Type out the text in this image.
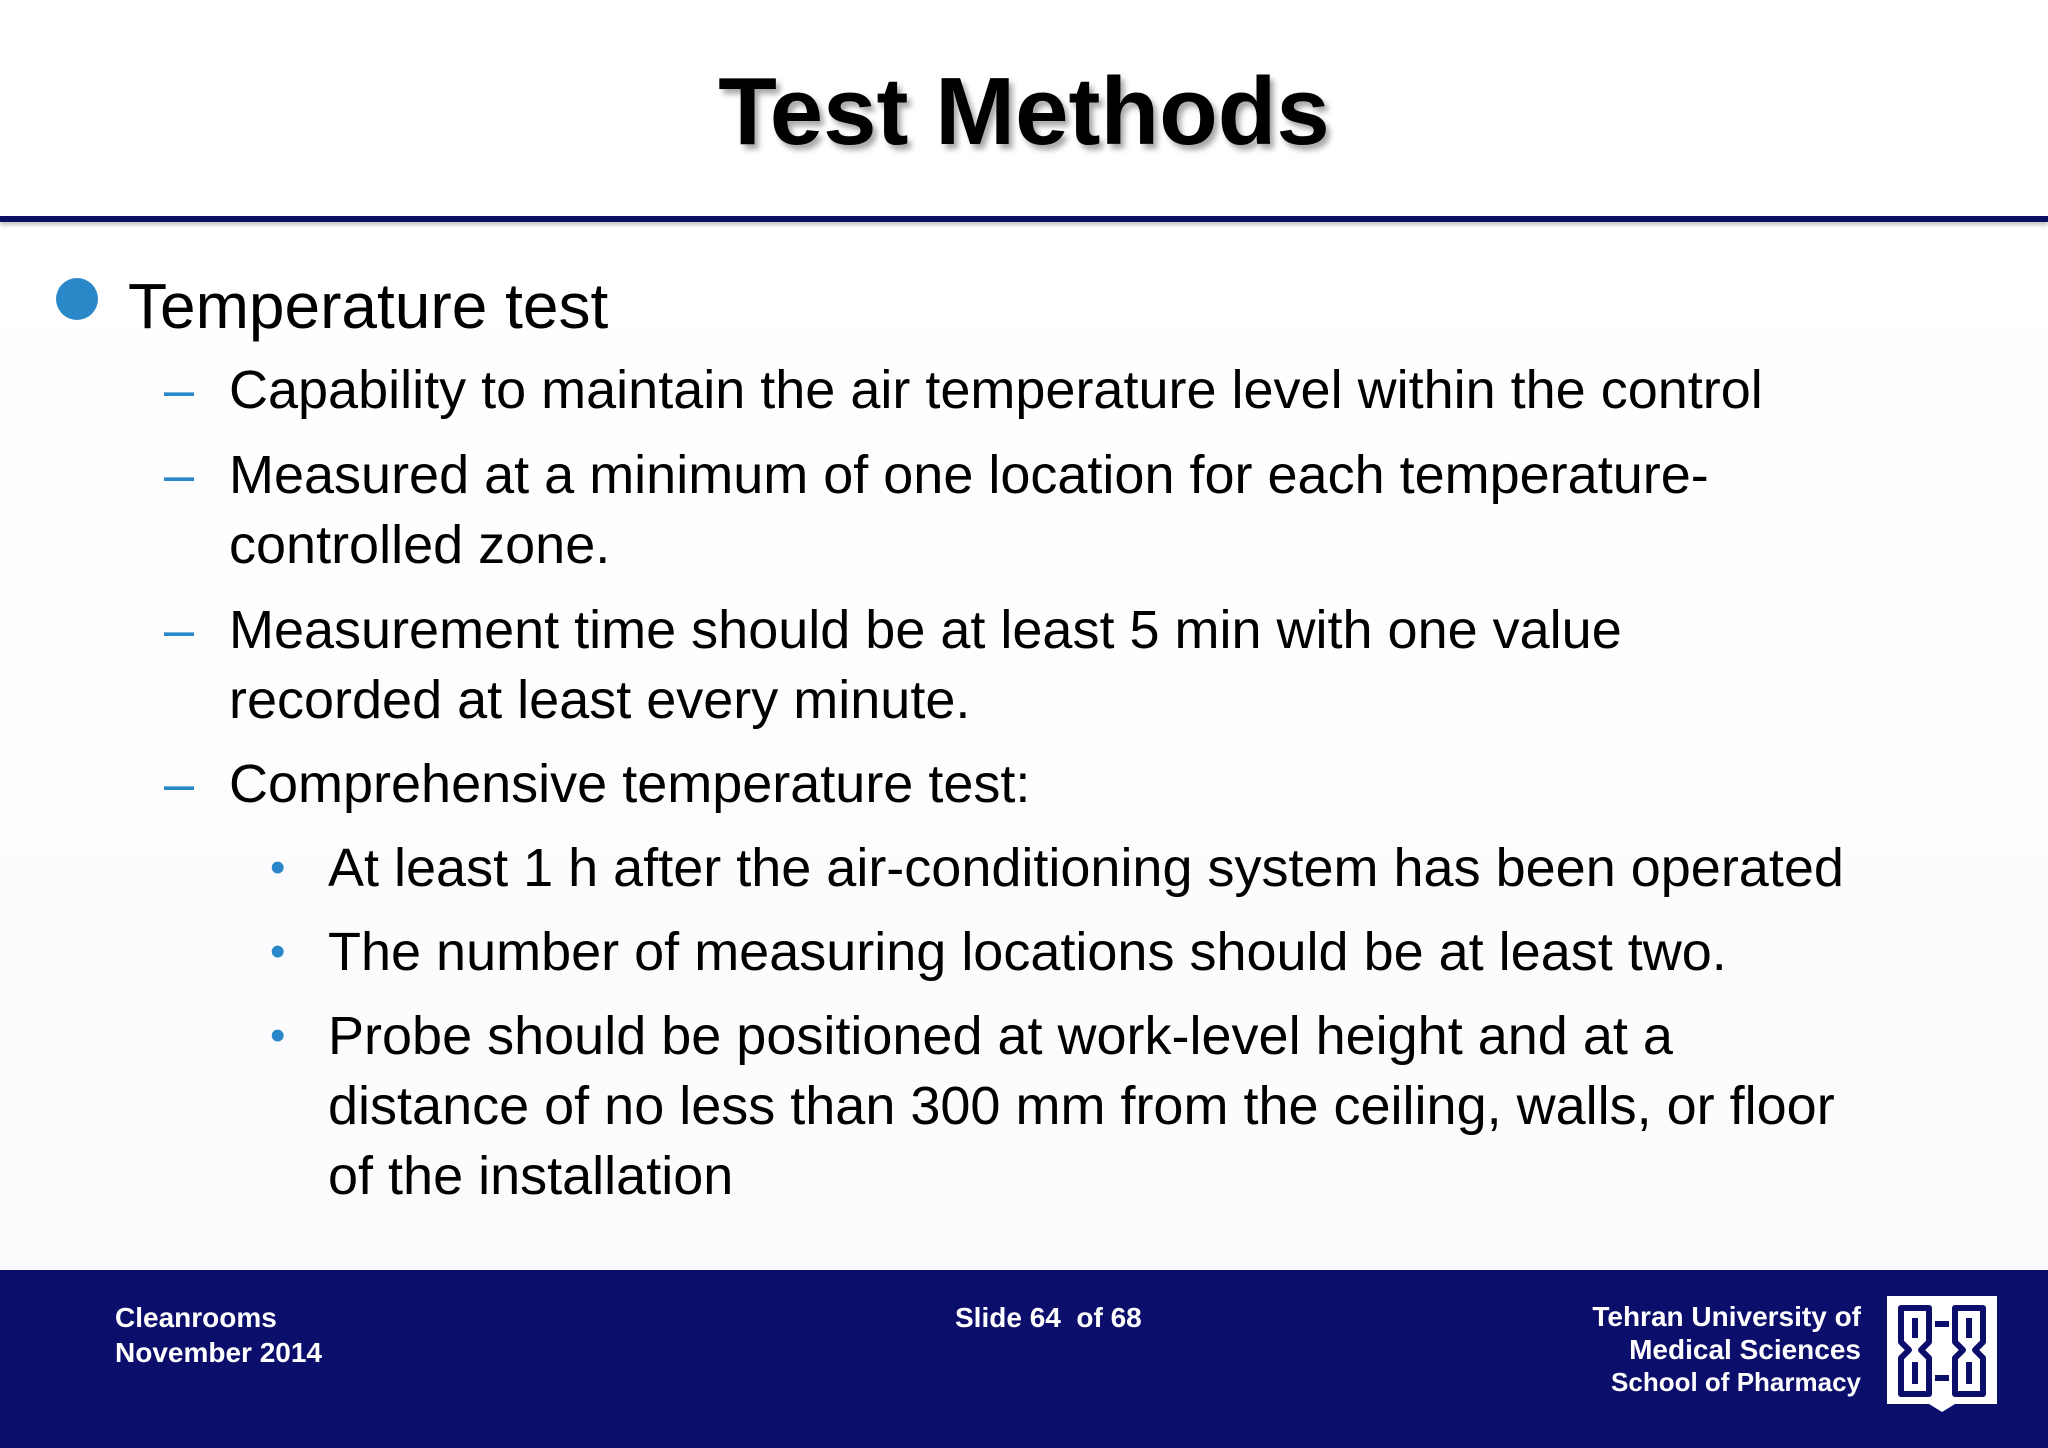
Test Methods
Temperature test
– Capability to maintain the air temperature level within the control
– Measured at a minimum of one location for each temperature-
controlled zone.
– Measurement time should be at least 5 min with one value
recorded at least every minute.
– Comprehensive temperature test:
• At least 1 h after the air-conditioning system has been operated
• The number of measuring locations should be at least two.
• Probe should be positioned at work-level height and at a
distance of no less than 300 mm from the ceiling, walls, or floor
of the installation
Cleanrooms
November 2014
Slide 64  of 68	Tehran University of
Medical Sciences
School of Pharmacy
